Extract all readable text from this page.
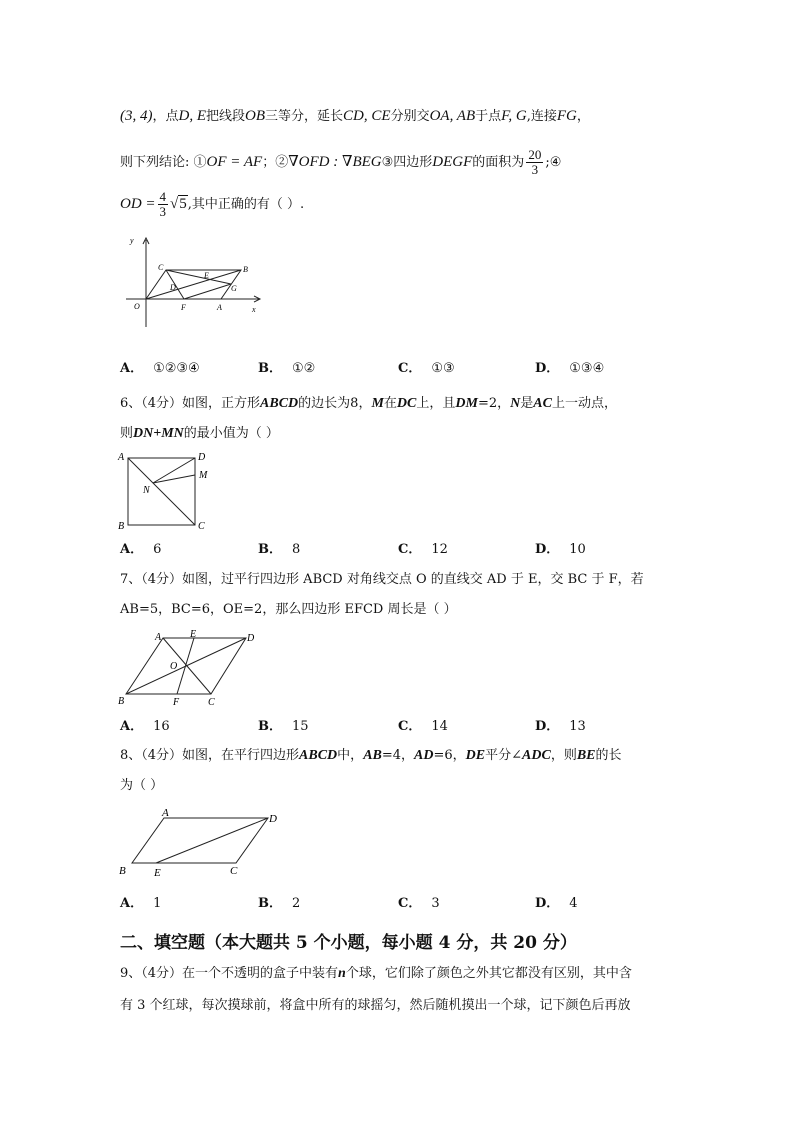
(3, 4)，点D, E把线段OB三等分，延长CD, CE分别交OA, AB于点F, G,连接FG，
则下列结论: ①OF = AF；②∇OFD : ∇BEG③四边形DEGF的面积为 $\frac{20}{3}$ ;④
OD = $\frac{4}{3} √5$,其中正确的有（ ）.
y
x
O
C	B
D
E
G
F	A
A． ①②③④	B． ①②	C． ①③	D． ①③④
6、（4分）如图，正方形ABCD的边长为8，M在DC上，且DM=2，N是AC上一动点，
则DN+MN的最小值为（ ）
A	D
M
N
B	C
A． 6	B． 8	C． 12	D． 10
7、（4分）如图，过平行四边形 ABCD 对角线交点 O 的直线交 AD 于 E，交 BC 于 F，若
AB=5，BC=6，OE=2，那么四边形 EFCD 周长是（ ）
A	E	D
O
B	F	C
A． 16	B． 15	C． 14	D． 13
8、（4分）如图，在平行四边形ABCD中，AB=4，AD=6，DE平分∠ADC，则BE的长
为（ ）
A	D
B	E	C
A． 1	B． 2	C． 3	D． 4
二、填空题（本大题共 5 个小题，每小题 4 分，共 20 分）
9、（4分）在一个不透明的盒子中装有n个球，它们除了颜色之外其它都没有区别，其中含
有 3 个红球，每次摸球前，将盒中所有的球摇匀，然后随机摸出一个球，记下颜色后再放
